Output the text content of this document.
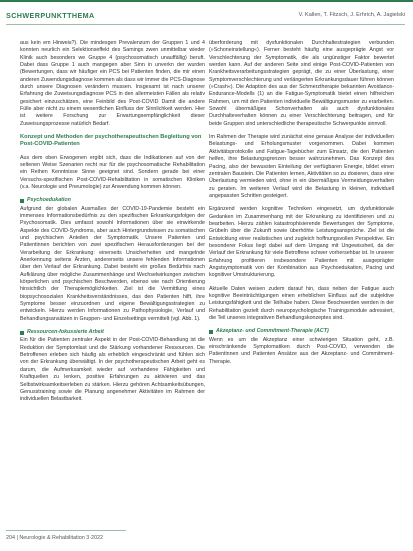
SCHWERPUNKTTHEMA	V. Kallen, T. Fitzsch, J. Erhrich, A. Jagielski

aus kein em Hinweis?). Die mindesgen Prevalenzum der Gruppen 1 und 4 konnten neurlich ein Selektionseffekt des Samings zwen unmittelbar wieder Klinik auch besonders we Gruppe 4 (psychosomatisch unauffällig) beruft. Dabei dass Gruppe 1 auch mangegen aber Sinn in unverkn der wurden (Bewertungen, dass wir häufiger ein PCS bei Patienten finden, die mir einen anderen Zuwendungsdiagnose kommen als dass wir immer die PCS-Diagnose durch unsere Diagnosen verändern mussen. Insgesamt ist nach unserer Erfahrung die Zuweisungsdiagnose PCS in den allermeisten Fällen als relativ gesichert einzuschätzen, eine Feinbild des Post-COVID Damit die andere Fülle aber nicht zu einem wesentlichen Einfluss der Sinnlichkeit werden. Hier ist weitere Forschung zur Erwartungsempfänglichkeit dieser Zuweisungsprozesse natürlich Bedarf.

Konzept und Methoden der psychotherapeutischen Begleitung von Post-COVID-Patienten

Aus dem oben Erwogenen ergibt sich, dass die Indikationen auf von der seltenen Weise Szenarien recht nur für die psychosomatische Rehabilitation ein Reihen Kenntnisse Sinne geeignet sind. Sondern gerade bei einer Versuchs-spezifischen Post-COVID-Rehabilitation in somatischen Kliniken (v.a. Neurologie und Pneumologie) zur Anwendung kommen können.

Psychoedukation

Aufgrund der globalen Ausmaßes der COVID-19-Pandemie besteht ein immenses Informationsbedürfnis zu den spezifischen Erkrankungsfolgen der Psychosomatik. Dies umfasst sowohl Informationen über sie einwirkende Aspekte des COVID-Syndroms, aber auch Hintergrundwissen zu somatischen und psychischen Anteilen der Symptomatik. Unsere Patienten und Patientinnen berichten von zwei spezifischen Herausforderungen bei der Verarbeitung der Erkrankung: einerseits Unsicherheiten und mangelnde Anerkennung seitens Ärzten, andererseits unsere fehlenden Informationen über den Verlauf der Erkrankung. Dabei besteht ein großes Bedürfnis nach Aufklärung über mögliche Zusammenhänge und Wechselwirkungen zwischen körperlichen und psychischen Beschwerden, ebenso wie nach Orientierung hinsichtlich der Therapiemöglichkeiten. Ziel ist die Vermittlung eines biopsychosozialen Krankheitsverständnisses, das den Patienten hilft, ihre Symptome besser einzuordnen und eigene Bewältigungsstrategien zu entwickeln. Hierzu werden Informationen zu Pathophysiologie, Verlauf und Behandlungsansätzen in Gruppen- und Einzelsettings vermittelt (vgl. Abb. 1).

Ressourcen-fokussierte Arbeit

Ein für die Patienten zentraler Aspekt in der Post-COVID-Behandlung ist die Reduktion der Symptomlast und die Stärkung vorhandener Ressourcen. Die Betroffenen erleben sich häufig als erheblich eingeschränkt und fühlen sich von der Erkrankung überwältigt. In der psychotherapeutischen Arbeit geht es darum, die Aufmerksamkeit wieder auf vorhandene Fähigkeiten und Kraftquellen zu lenken, positive Erfahrungen zu aktivieren und das Selbstwirksamkeitserleben zu stärken. Hierzu gehören Achtsamkeitsübungen, Genusstraining sowie die Planung angenehmer Aktivitäten im Rahmen der individuellen Belastbarkeit.

überforderung mit dysfunktionalen Durchhaltestrategien verbunden (»Schoneinstellung«). Ferner besteht häufig eine ausgeprägte Angst vor Verschlechterung der Symptomatik, die als ungünstiger Faktor bewertet werden kann. Auf der anderen Seite sind einige Post-COVID-Patienten von Krankheitsverarbeitungsstrategien geprägt, die zu einer Überlastung, einer Symptomverschlechterung und verlängerten Erkrankungsdauer führen können (»Crash«). Die Adaption des aus der Schmerztherapie bekannten Avoidance-Endurance-Modells (1) an die Fatigue-Symptomatik bietet einen hilfreichen Rahmen, um mit den Patienten individuelle Bewältigungsmuster zu erarbeiten. Sowohl übermäßiges Schonverhalten als auch dysfunktionales Durchhalteverhalten können zu einer Verschlechterung beitragen, und für beide Gruppen sind unterschiedliche therapeutische Schwerpunkte sinnvoll.

Im Rahmen der Therapie wird zunächst eine genaue Analyse der individuellen Belastungs- und Erholungsmuster vorgenommen. Dabei kommen Aktivitätsprotokolle und Fatigue-Tagebücher zum Einsatz, die den Patienten helfen, ihre Belastungsgrenzen besser wahrzunehmen. Das Konzept des Pacing, also der bewussten Einteilung der verfügbaren Energie, bildet einen zentralen Baustein. Die Patienten lernen, Aktivitäten so zu dosieren, dass eine Überlastung vermieden wird, ohne in ein übermäßiges Vermeidungsverhalten zu geraten. Im weiteren Verlauf wird die Belastung in kleinen, individuell angepassten Schritten gesteigert.

Ergänzend werden kognitive Techniken eingesetzt, um dysfunktionale Gedanken im Zusammenhang mit der Erkrankung zu identifizieren und zu bearbeiten. Hierzu zählen katastrophisierende Bewertungen der Symptome, Grübeln über die Zukunft sowie überhöhte Leistungsansprüche. Ziel ist die Entwicklung einer realistischen und zugleich hoffnungsvollen Perspektive. Ein besonderer Fokus liegt dabei auf dem Umgang mit Ungewissheit, da der Verlauf der Erkrankung für viele Betroffene schwer vorhersehbar ist. In unserer Erfahrung profitieren insbesondere Patienten mit ausgeprägter Angstsymptomatik von der Kombination aus Psychoedukation, Pacing und kognitiver Umstrukturierung.

Aktuelle Daten weisen zudem darauf hin, dass neben der Fatigue auch kognitive Beeinträchtigungen einen erheblichen Einfluss auf die subjektive Leistungsfähigkeit und die Teilhabe haben. Diese Beschwerden werden in der Rehabilitation gezielt durch neuropsychologische Trainingsmodule adressiert, die Teil unseres integrativen Behandlungskonzeptes sind.

Akzeptanz- und Commitment-Therapie (ACT)

Wenn es um die Akzeptanz einer schwierigen Situation geht, z.B. einschränkende Symptomatiken durch Post-COVID, verwenden die Patientinnen und Patienten Ansätze aus der Akzeptanz- und Commitment-Therapie.

204 | Neurologie & Rehabilitation 3·2022
